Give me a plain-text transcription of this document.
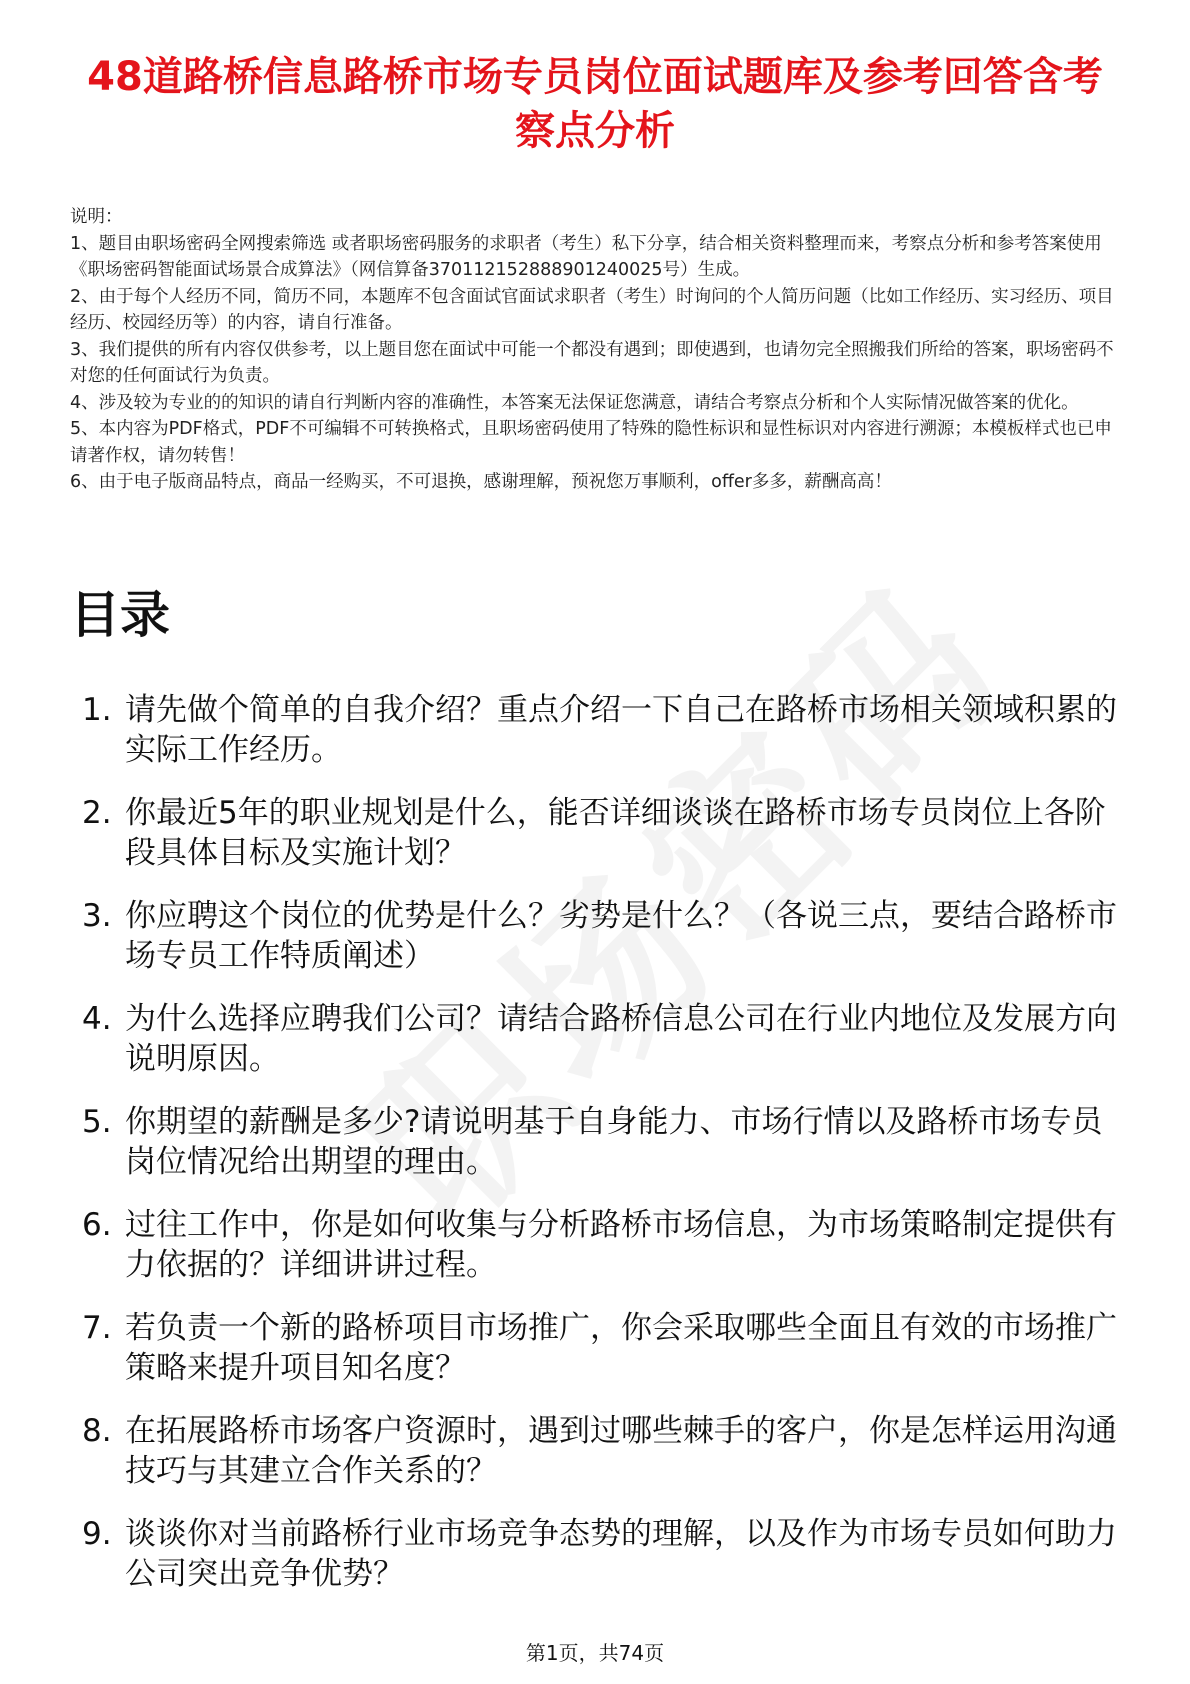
48道路桥信息路桥市场专员岗位面试题库及参考回答含考察点分析
说明：
1、题目由职场密码全网搜索筛选 或者职场密码服务的求职者（考生）私下分享，结合相关资料整理而来，考察点分析和参考答案使用《职场密码智能面试场景合成算法》（网信算备370112152888901240025号）生成。
2、由于每个人经历不同，简历不同，本题库不包含面试官面试求职者（考生）时询问的个人简历问题（比如工作经历、实习经历、项目经历、校园经历等）的内容，请自行准备。
3、我们提供的所有内容仅供参考，以上题目您在面试中可能一个都没有遇到；即使遇到，也请勿完全照搬我们所给的答案，职场密码不对您的任何面试行为负责。
4、涉及较为专业的的知识的请自行判断内容的准确性，本答案无法保证您满意，请结合考察点分析和个人实际情况做答案的优化。
5、本内容为PDF格式，PDF不可编辑不可转换格式，且职场密码使用了特殊的隐性标识和显性标识对内容进行溯源；本模板样式也已申请著作权，请勿转售！
6、由于电子版商品特点，商品一经购买，不可退换，感谢理解，预祝您万事顺利，offer多多，薪酬高高！
目录
1. 请先做个简单的自我介绍？重点介绍一下自己在路桥市场相关领域积累的实际工作经历。
2. 你最近5年的职业规划是什么，能否详细谈谈在路桥市场专员岗位上各阶段具体目标及实施计划？
3. 你应聘这个岗位的优势是什么？劣势是什么？（各说三点，要结合路桥市场专员工作特质阐述）
4. 为什么选择应聘我们公司？请结合路桥信息公司在行业内地位及发展方向说明原因。
5. 你期望的薪酬是多少?请说明基于自身能力、市场行情以及路桥市场专员岗位情况给出期望的理由。
6. 过往工作中，你是如何收集与分析路桥市场信息，为市场策略制定提供有力依据的？详细讲讲过程。
7. 若负责一个新的路桥项目市场推广，你会采取哪些全面且有效的市场推广策略来提升项目知名度？
8. 在拓展路桥市场客户资源时，遇到过哪些棘手的客户，你是怎样运用沟通技巧与其建立合作关系的？
9. 谈谈你对当前路桥行业市场竞争态势的理解，以及作为市场专员如何助力公司突出竞争优势？
第1页，共74页
